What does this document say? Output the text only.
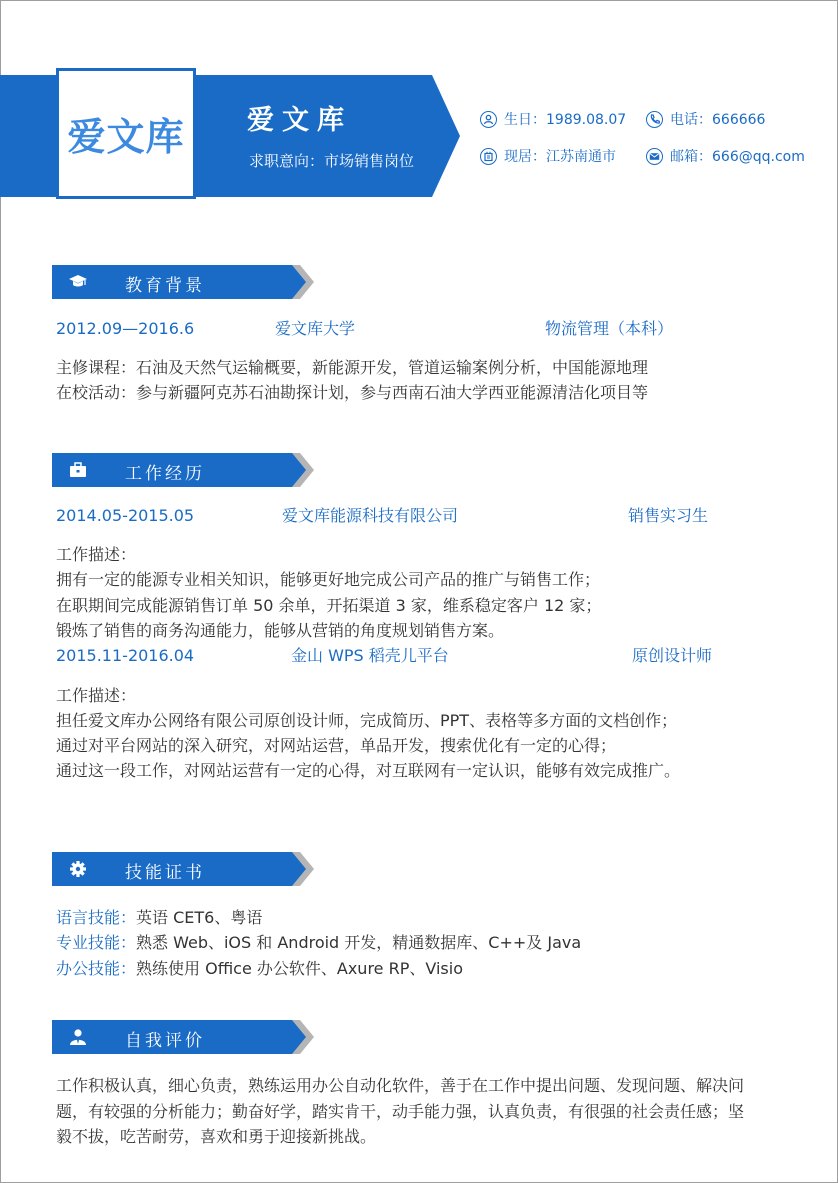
爱文库 爱文库
求职意向：市场销售岗位
生日：1989.08.07	电话：666666
现居：江苏南通市	邮箱：666@qq.com
教育背景
2012.09—2016.6	爱文库大学	物流管理（本科）
主修课程：石油及天然气运输概要，新能源开发，管道运输案例分析，中国能源地理
在校活动：参与新疆阿克苏石油勘探计划，参与西南石油大学西亚能源清洁化项目等
工作经历
2014.05-2015.05	爱文库能源科技有限公司	销售实习生
工作描述：
拥有一定的能源专业相关知识，能够更好地完成公司产品的推广与销售工作；
在职期间完成能源销售订单 50 余单，开拓渠道 3 家，维系稳定客户 12 家；
锻炼了销售的商务沟通能力，能够从营销的角度规划销售方案。
2015.11-2016.04	金山 WPS 稻壳儿平台	原创设计师
工作描述：
担任爱文库办公网络有限公司原创设计师，完成简历、PPT、表格等多方面的文档创作；
通过对平台网站的深入研究，对网站运营，单品开发，搜索优化有一定的心得；
通过这一段工作，对网站运营有一定的心得，对互联网有一定认识，能够有效完成推广。
技能证书
语言技能：英语 CET6、粤语
专业技能：熟悉 Web、iOS 和 Android 开发，精通数据库、C++及 Java
办公技能：熟练使用 Office 办公软件、Axure RP、Visio
自我评价
工作积极认真，细心负责，熟练运用办公自动化软件，善于在工作中提出问题、发现问题、解决问
题，有较强的分析能力；勤奋好学，踏实肯干，动手能力强，认真负责，有很强的社会责任感；坚
毅不拔，吃苦耐劳，喜欢和勇于迎接新挑战。
